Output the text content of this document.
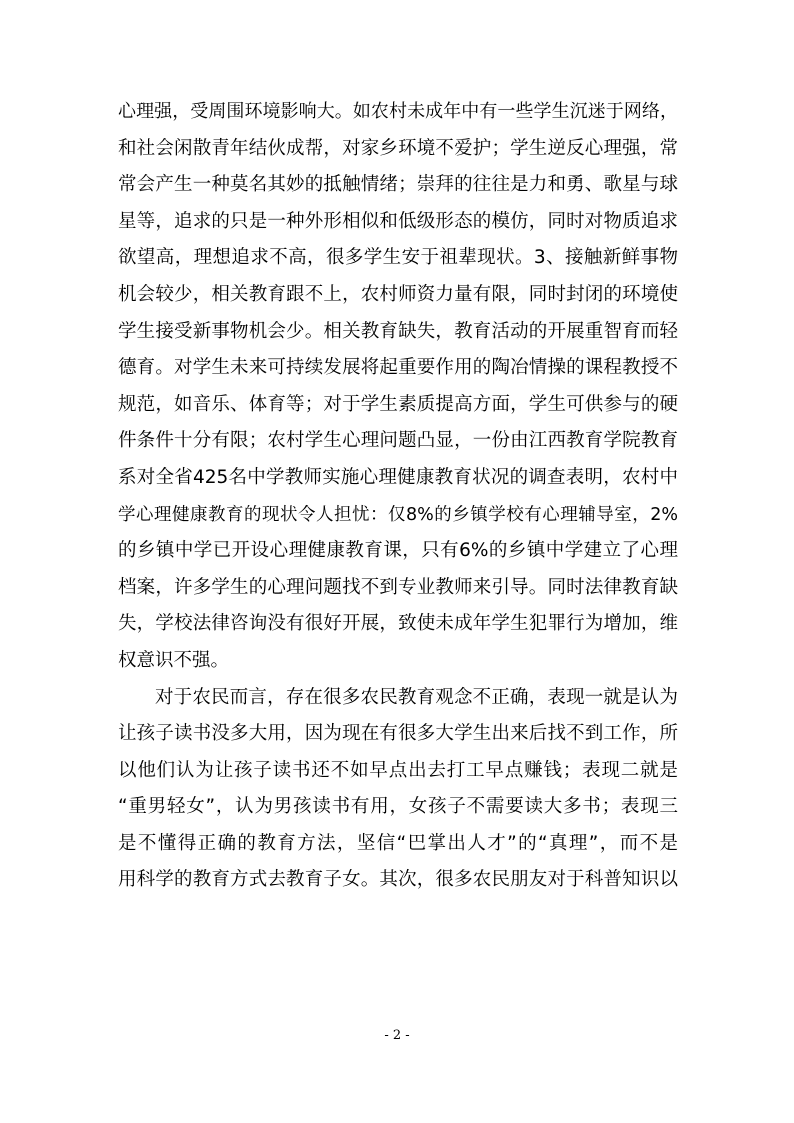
心理强，受周围环境影响大。如农村未成年中有一些学生沉迷于网络，
和社会闲散青年结伙成帮，对家乡环境不爱护；学生逆反心理强，常
常会产生一种莫名其妙的抵触情绪；崇拜的往往是力和勇、歌星与球
星等，追求的只是一种外形相似和低级形态的模仿，同时对物质追求
欲望高，理想追求不高，很多学生安于祖辈现状。3、接触新鲜事物
机会较少，相关教育跟不上，农村师资力量有限，同时封闭的环境使
学生接受新事物机会少。相关教育缺失，教育活动的开展重智育而轻
德育。对学生未来可持续发展将起重要作用的陶冶情操的课程教授不
规范，如音乐、体育等；对于学生素质提高方面，学生可供参与的硬
件条件十分有限；农村学生心理问题凸显，一份由江西教育学院教育
系对全省425名中学教师实施心理健康教育状况的调查表明，农村中
学心理健康教育的现状令人担忧：仅8%的乡镇学校有心理辅导室，2%
的乡镇中学已开设心理健康教育课，只有6%的乡镇中学建立了心理
档案，许多学生的心理问题找不到专业教师来引导。同时法律教育缺
失，学校法律咨询没有很好开展，致使未成年学生犯罪行为增加，维
权意识不强。
对于农民而言，存在很多农民教育观念不正确，表现一就是认为
让孩子读书没多大用，因为现在有很多大学生出来后找不到工作，所
以他们认为让孩子读书还不如早点出去打工早点赚钱；表现二就是
“重男轻女”，认为男孩读书有用，女孩子不需要读大多书；表现三
是不懂得正确的教育方法，坚信“巴掌出人才”的“真理”，而不是
用科学的教育方式去教育子女。其次，很多农民朋友对于科普知识以
- 2 -
